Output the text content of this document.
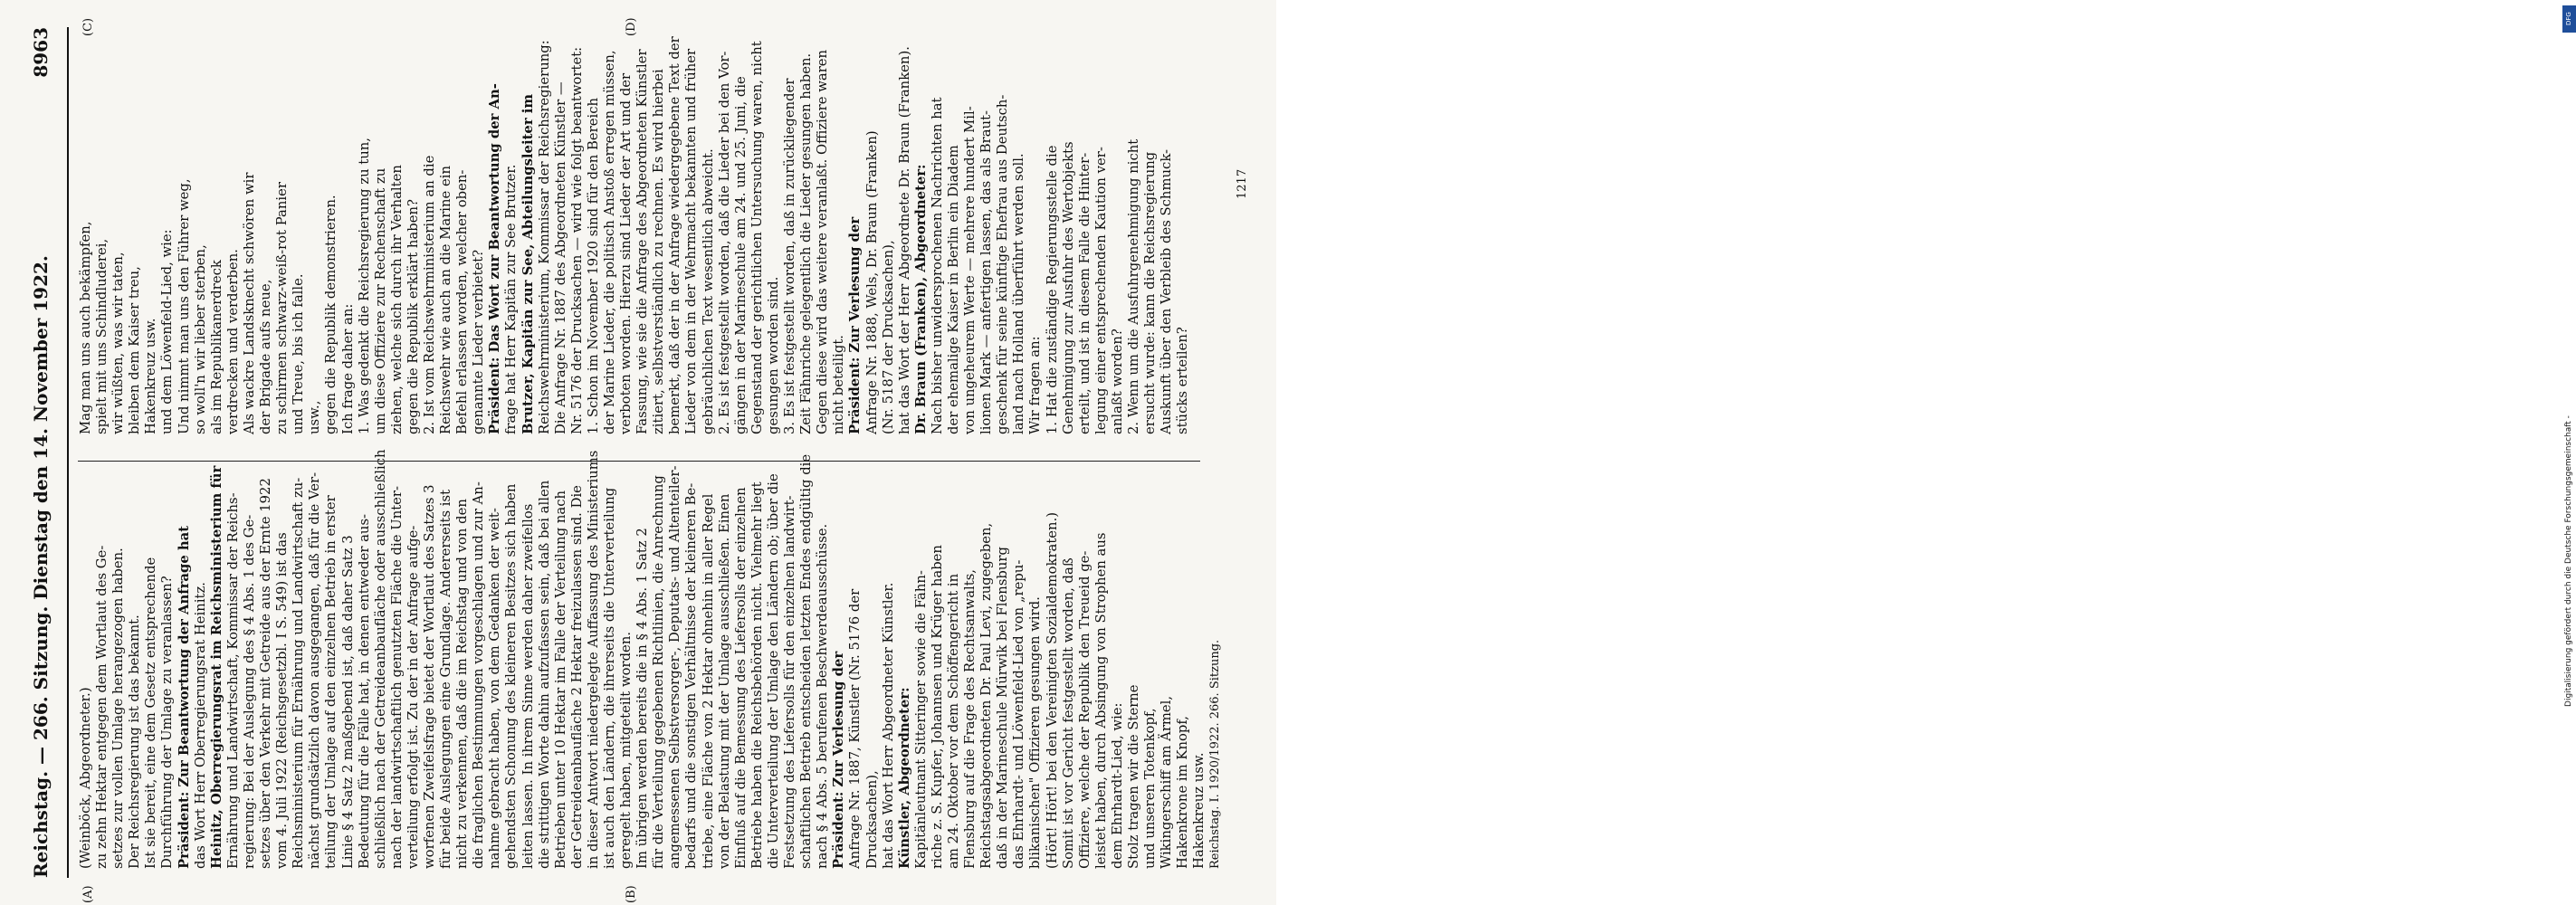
Reichstag. — 266. Sitzung. Dienstag den 14. November 1922.
8963
(A)	(B)
(C)	(D)
(Weinböck, Abgeordneter.) zu zehn Hektar entgegen dem Wortlaut des Ge- setzes zur vollen Umlage herangezogen haben. Der Reichsregierung ist das bekannt. Ist sie bereit, eine dem Gesetz entsprechende Durchführung der Umlage zu veranlassen? Präsident: Zur Beantwortung der Anfrage hat das Wort Herr Oberregierungsrat Heinitz. Heinitz, Oberregierungsrat im Reichsministerium für Ernährung und Landwirtschaft, Kommissar der Reichs- regierung: Bei der Auslegung des § 4 Abs. 1 des Ge- setzes über den Verkehr mit Getreide aus der Ernte 1922 vom 4. Juli 1922 (Reichsgesetzbl. I S. 549) ist das Reichsministerium für Ernährung und Landwirtschaft zu- nächst grundsätzlich davon ausgegangen, daß für die Ver- teilung der Umlage auf den einzelnen Betrieb in erster Linie § 4 Satz 2 maßgebend ist, daß daher Satz 3 Bedeutung für die Fälle hat, in denen entweder aus- schließlich nach der Getreideanbaufläche oder ausschließlich nach der landwirtschaftlich genutzten Fläche die Unter- verteilung erfolgt ist. Zu der in der Anfrage aufge- worfenen Zweifelsfrage bietet der Wortlaut des Satzes 3 für beide Auslegungen eine Grundlage. Andererseits ist nicht zu verkennen, daß die im Reichstag und von den die fraglichen Bestimmungen vorgeschlagen und zur An- nahme gebracht haben, von dem Gedanken der weit- gehendsten Schonung des kleineren Besitzes sich haben leiten lassen. In ihrem Sinne werden daher zweifellos die strittigen Worte dahin aufzufassen sein, daß bei allen Betrieben unter 10 Hektar im Falle der Verteilung nach der Getreideanbaufläche 2 Hektar freizulassen sind. Die in dieser Antwort niedergelegte Auffassung des Ministeriums ist auch den Ländern, die ihrerseits die Unterverteilung geregelt haben, mitgeteilt worden. Im übrigen werden bereits die in § 4 Abs. 1 Satz 2 für die Verteilung gegebenen Richtlinien, die Anrechnung angemessenen Selbstversorger-, Deputats- und Altenteiler- bedarfs und die sonstigen Verhältnisse der kleineren Be- triebe, eine Fläche von 2 Hektar ohnehin in aller Regel von der Belastung mit der Umlage ausschließen. Einen Einfluß auf die Bemessung des Liefersolls der einzelnen Betriebe haben die Reichsbehörden nicht. Vielmehr liegt die Unterverteilung der Umlage den Ländern ob; über die Festsetzung des Liefersolls für den einzelnen landwirt- schaftlichen Betrieb entscheiden letzten Endes endgültig die nach § 4 Abs. 5 berufenen Beschwerdeausschüsse. Präsident: Zur Verlesung der Anfrage Nr. 1887, Künstler (Nr. 5176 der Drucksachen), hat das Wort Herr Abgeordneter Künstler. Künstler, Abgeordneter: Kapitänleutnant Sitteringer sowie die Fähn- riche z. S. Kupfer, Johannsen und Krüger haben am 24. Oktober vor dem Schöffengericht in Flensburg auf die Frage des Rechtsanwalts, Reichstagsabgeordneten Dr. Paul Levi, zugegeben, daß in der Marineschule Mürwik bei Flensburg das Ehrhardt- und Löwenfeld-Lied von „repu- blikanischen" Offizieren gesungen wird. (Hört! Hört! bei den Vereinigten Sozialdemokraten.) Somit ist vor Gericht festgestellt worden, daß Offiziere, welche der Republik den Treueid ge- leistet haben, durch Absingung von Strophen aus dem Ehrhardt-Lied, wie: Stolz tragen wir die Sterne und unseren Totenkopf, Wikingerschiff am Ärmel, Hakenkrone im Knopf, Hakenkreuz usw.
Mag man uns auch bekämpfen, spielt mit uns Schindluderei, wir wüßten, was wir taten, bleiben dem Kaiser treu, Hakenkreuz usw. und dem Löwenfeld-Lied, wie: Und nimmt man uns den Führer weg, so woll'n wir lieber sterben, als im Republikanerdreck verdrecken und verderben. Als wackre Landsknecht schwören wir der Brigade aufs neue, zu schirmen schwarz-weiß-rot Panier und Treue, bis ich falle. usw., gegen die Republik demonstrieren. Ich frage daher an: 1. Was gedenkt die Reichsregierung zu tun, um diese Offiziere zur Rechenschaft zu ziehen, welche sich durch ihr Verhalten gegen die Republik erklärt haben? 2. Ist vom Reichswehrministerium an die Reichswehr wie auch an die Marine ein Befehl erlassen worden, welcher oben- genannte Lieder verbietet? Präsident: Das Wort zur Beantwortung der An- frage hat Herr Kapitän zur See Brutzer. Brutzer, Kapitän zur See, Abteilungsleiter im Reichswehrministerium, Kommissar der Reichsregierung: Die Anfrage Nr. 1887 des Abgeordneten Künstler — Nr. 5176 der Drucksachen — wird wie folgt beantwortet: 1. Schon im November 1920 sind für den Bereich der Marine Lieder, die politisch Anstoß erregen müssen, verboten worden. Hierzu sind Lieder der Art und der Fassung, wie sie die Anfrage des Abgeordneten Künstler zitiert, selbstverständlich zu rechnen. Es wird hierbei bemerkt, daß der in der Anfrage wiedergegebene Text der Lieder von dem in der Wehrmacht bekannten und früher gebräuchlichen Text wesentlich abweicht. 2. Es ist festgestellt worden, daß die Lieder bei den Vor- gängen in der Marineschule am 24. und 25. Juni, die Gegenstand der gerichtlichen Untersuchung waren, nicht gesungen worden sind. 3. Es ist festgestellt worden, daß in zurückliegender Zeit Fähnriche gelegentlich die Lieder gesungen haben. Gegen diese wird das weitere veranlaßt. Offiziere waren nicht beteiligt. Präsident: Zur Verlesung der Anfrage Nr. 1888, Wels, Dr. Braun (Franken) (Nr. 5187 der Drucksachen), hat das Wort der Herr Abgeordnete Dr. Braun (Franken). Dr. Braun (Franken), Abgeordneter: Nach bisher unwidersprochenen Nachrichten hat der ehemalige Kaiser in Berlin ein Diadem von ungeheurem Werte — mehrere hundert Mil- lionen Mark — anfertigen lassen, das als Braut- geschenk für seine künftige Ehefrau aus Deutsch- land nach Holland überführt werden soll. Wir fragen an: 1. Hat die zuständige Regierungsstelle die Genehmigung zur Ausfuhr des Wertobjekts erteilt, und ist in diesem Falle die Hinter- legung einer entsprechenden Kaution ver- anlaßt worden? 2. Wenn um die Ausfuhrgenehmigung nicht ersucht wurde: kann die Reichsregierung Auskunft über den Verbleib des Schmuck- stücks erteilen?
Reichstag. I. 1920/1922. 266. Sitzung.
1217
DFG
Digitalisierung gefördert durch die Deutsche Forschungsgemeinschaft -
